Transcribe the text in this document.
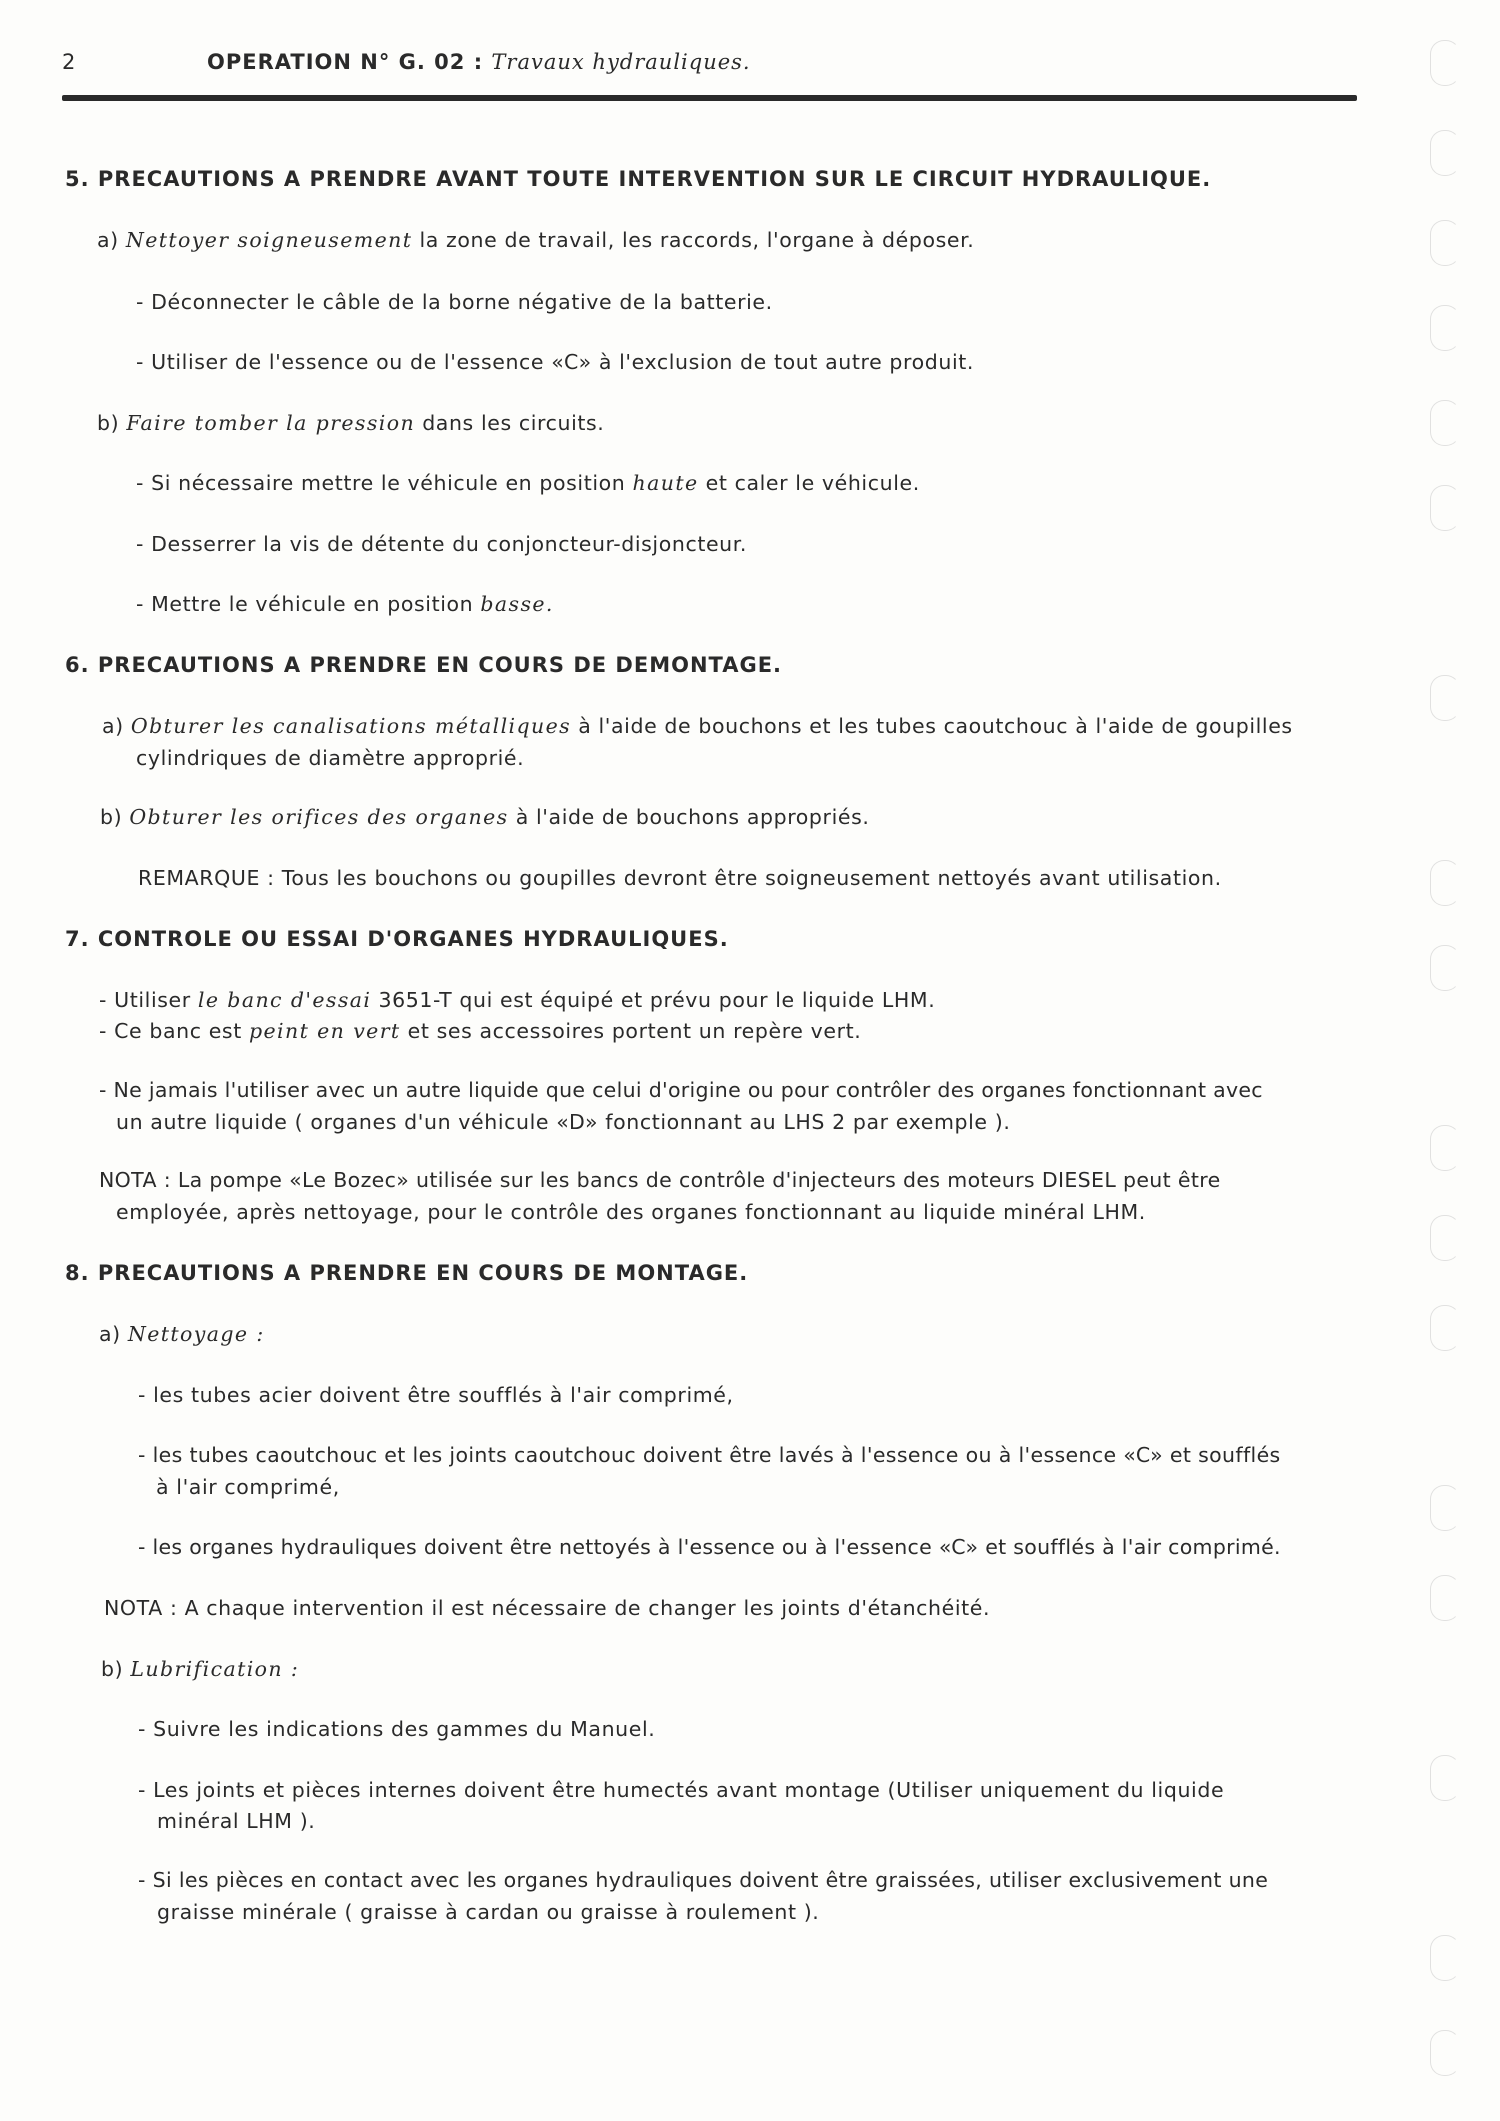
2	OPERATION N° G. 02 : Travaux hydrauliques.
5. PRECAUTIONS A PRENDRE AVANT TOUTE INTERVENTION SUR LE CIRCUIT HYDRAULIQUE.
a) Nettoyer soigneusement la zone de travail, les raccords, l'organe à déposer.
- Déconnecter le câble de la borne négative de la batterie.
- Utiliser de l'essence ou de l'essence «C» à l'exclusion de tout autre produit.
b) Faire tomber la pression dans les circuits.
- Si nécessaire mettre le véhicule en position haute et caler le véhicule.
- Desserrer la vis de détente du conjoncteur-disjoncteur.
- Mettre le véhicule en position basse.
6. PRECAUTIONS A PRENDRE EN COURS DE DEMONTAGE.
a) Obturer les canalisations métalliques à l'aide de bouchons et les tubes caoutchouc à l'aide de goupilles
cylindriques de diamètre approprié.
b) Obturer les orifices des organes à l'aide de bouchons appropriés.
REMARQUE : Tous les bouchons ou goupilles devront être soigneusement nettoyés avant utilisation.
7. CONTROLE OU ESSAI D'ORGANES HYDRAULIQUES.
- Utiliser le banc d'essai 3651-T qui est équipé et prévu pour le liquide LHM.
- Ce banc est peint en vert et ses accessoires portent un repère vert.
- Ne jamais l'utiliser avec un autre liquide que celui d'origine ou pour contrôler des organes fonctionnant avec
un autre liquide ( organes d'un véhicule «D» fonctionnant au LHS 2 par exemple ).
NOTA : La pompe «Le Bozec» utilisée sur les bancs de contrôle d'injecteurs des moteurs DIESEL peut être
employée, après nettoyage, pour le contrôle des organes fonctionnant au liquide minéral LHM.
8. PRECAUTIONS A PRENDRE EN COURS DE MONTAGE.
a) Nettoyage :
- les tubes acier doivent être soufflés à l'air comprimé,
- les tubes caoutchouc et les joints caoutchouc doivent être lavés à l'essence ou à l'essence «C» et soufflés
à l'air comprimé,
- les organes hydrauliques doivent être nettoyés à l'essence ou à l'essence «C» et soufflés à l'air comprimé.
NOTA : A chaque intervention il est nécessaire de changer les joints d'étanchéité.
b) Lubrification :
- Suivre les indications des gammes du Manuel.
- Les joints et pièces internes doivent être humectés avant montage (Utiliser uniquement du liquide
minéral LHM ).
- Si les pièces en contact avec les organes hydrauliques doivent être graissées, utiliser exclusivement une
graisse minérale ( graisse à cardan ou graisse à roulement ).
